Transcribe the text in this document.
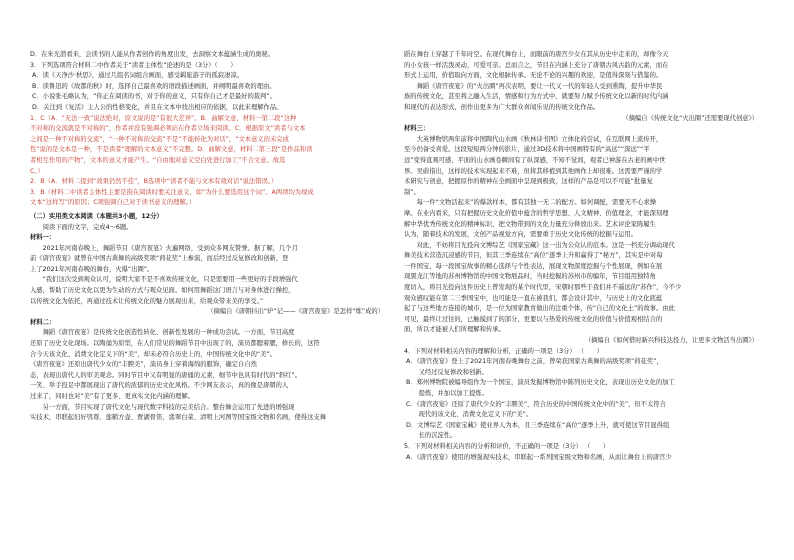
D．在朱光潜看来，会读书的人能从作者创作的角度出发，去洞察文本蕴涵生成的奥秘。

3．下列选项符合材料二中作者关于“读者主体性”论述的是（3分）（　　）

A．读《天净沙·秋思》，通过几组名词组合画面，感受羁旅游子的孤寂凄凉。

B．读鲁迅的《故都的秋》时，选择自己最喜欢的语段描述画面，并阐明最喜欢的理由。

C．小说张毛略认为，“你正在阅读的书，对于你的意义，只有你自己才是最好的裁判”。

D．关注到《复活》主人公的性格变化，并且在文本中找出相应的依据，以此来理解作品。

1．C（A．“无法一致”说法绝对，原文说的是“有很大差异”。B．曲解文意，材料一第二段“这种

不对称的交流就是不对称的”，作者并没有强调必须站在作者立场来阅读。C．根据原文“读者与文本

之间是一种不对称的交流”，“一种不对称的交流”不是“不能转化为对话”，“文本意义的未完成

性”说的是文本是一种，不是读者“理解的文本意义”不完整。D．曲解文意，材料二第三段“是作品和读

者相互作用的产物”，文本的意义才能产生。“自由地对意义空白处进行加工”不合文意。故选

C。）

2．B（A．材料二提到“效果仍然不佳”，B选项中“读者不能与文本有效对话”说法错误。）

3．B（材料二中读者主体性主要是指在阅读时要关注意义，如“为什么要选用这个词”。A两项均为现成

文本“这样写”的原因；C项强调自己对于读书意义的理解。）

（二）实用类文本阅读（本题共3小题，12分）

阅读下面的文字，完成4～6题。

材料一：

2021年河南春晚上，舞蹈节目《唐宫夜宴》火遍网络，受到众多网友赞誉。据了解，几个月

前《唐宫夜宴》就曾在中国古典舞的高级奖项“荷花奖”上参演，而后经过反复修改和创新，登

上了2021年河南春晚的舞台，火爆“出圈”。

“我们这次受到观众认可，说明大家不是不喜欢传统文化，只是需要用一些更好的手段增强代

入感，帮助了历史文化以更为生动的方式与观众见面。如何用舞蹈这门语言与对身体进行操控，

以传统文化为依托，再通过技术让传统文化的魅力展现出来，给观众带来美的享受。”

（摘编自《唐朝抖出“炉”记——《唐宫夜宴》是怎样“炼”成的）

材料二：

舞蹈《唐宫夜宴》是传统文化创造性转化、创新性发展的一种成功尝试。一方面，节目高度

还原了历史文化现场。以陶俑为原型，在人们常见的舞蹈节目中出现了的，演员都腮着腮，修长的，这符

合今天该文化、消费文化定义下的“美”，却未必符合历史上的，中国传统文化中的“美”。

《唐宫夜宴》还原出唐代少女的“丰腴美”，演员身上穿着海绵的服饰，确定自自然

态，表现出唐代人的审美观念。同时节目中又有明显的唐俑的元素，细节中也具有时代的“斜红”。

一笑、举手投足中都展现出了唐代的浓郁的历史文化风格。不少网友表示，真的像是唐朝的人

过来了，同时也对“美”有了更多、更真实文化内涵的理解。

另一方面，节目实现了唐代文化与现代数字科技的完美结合。整台舞会运用了先进的增强现

实技术，串联起妇好鸮尊、莲鹤方壶、贾湖骨笛、翡翠白菜、清明上河图等国宝级文物和名画，使得这支舞

蹈在舞台上穿越了千年时空。在现代舞台上，而眼前的唐宫少女在其从历史中走来的，却像今天

的小女孩一样活泼灵动，可爱可亲。总而言之，节目在内涵上充分了唐朝古风古韵的元素，而在

形式上运用，价值取向方面，文化根脉传承。无论不论的兴趣的欢迎，是值得深刻与借鉴的。

舞蹈《唐宫夜宴》的“火出圈”再次表明，要让一代又一代的年轻人受到熏陶，提升中华民

族的传统文化，甚至将之融入生活，情感和行为方式中，就要努力赋予传统文化以新的时代内涵

和现代的表达形式，创作出更多为广大群众喜闻乐见的传统文化作品。

（摘编自《传统文化“火出圈”还需要现代创意》）

材料三：

大英博物馆两年前将中国陶代山水画《秋林诗书图》立体化的尝试，在互联网上流传开，

至今仍备受喜爱。这段短短两分钟的影片，通过3D技术将中国画特有的“高远”“深远”“平

远”变得直观可感，平面的山水画卷瞬间有了纵深感，不知不觉间，观者已神游在古老的画中世

界。吴蔚指出，这样的技术实现起来不难，但将其移植到其他画作上却很难。这需要严谨的学

术研究与创意，把握原作的精神在全画面中呈现到极致，这样的产品是可以不可能“批量复

制”。

每一件“文物活起来”的爆款样本，都有其独一无二的配方。如何调配，需要无不心求操

摩。在业内看来，只有把握历史文化价值中蕴含的哲学思想、人文精神、价值理念，才能深刻理

解中华优秀传统文化的精神标识，把文物带到的文化力量充分释放出来。艺术评论家陈履生

认为，随着技术的发展，文创产品视觉方向，需要重于历史文化传统的挖掘与运用。

对此，不妨将目光投向文博综艺《国家宝藏》这一出为公众认的范本。这是一档充分调动现代

舞美技术营造沉浸感的节目，但其三季连续在“高位”逐季上升和赢得了“秘方”，其实是中对每

一件国宝，每一段国宝故事的精心选择与个性表达，展现文物深度挖掘与个性展现，例如在展

现黑龙江等地的苏州博物馆的中国文物展品时，当时挖掘的苏州市的编年，节目组用独特角

度切入，将目光投向这件历史上曾发现的某个时代里，宋朝时那些于我们并不遥远的“苏作”，今不少

观众感叹能在第二三季国宝中，也可能是一直在被我们，都会设计其中，与历史上的文化底蕴

起了与这些地方连接的城市，是一位为国家教育做出的注重个体，传“自己的文化土”的故事。由此

可见，最终让过往的，已触摸到了的部分，更要以与热爱的传统文化的价值与价值观相结合的

面，所以才能被人们所理解和传承。

（摘编自《如何借时新兴科技达投力，让更多文物活当出圈》）

4．下列对材料相关内容的理解和分析，正确的一项是（3分） （　　）

A．《唐宫夜宴》登上了2021年河南春晚舞台之前，曾荣获国家古典舞的高级奖项“荷花奖”，

又经过反复修改和创新。

B．郑州博物院被编导组作为一个国宝，演员发掘博物馆中陈列历史文化，表现出历史文化的加工

提炼，并加以加工提炼。

C．《唐宫夜宴》还原了唐代少女的“丰腴美”，符合历史的中国传统文化中的“美”，但不太符合

现代的该文化、消费文化定义下的“美”。

D．文博综艺《国家宝藏》使业界人为本，且三季连续在“高位”逐季上升，就可使这节目显得组

长的沉淀性。

5．下列对材料相关内容的分析和评价，不正确的一项是（3分） （　　）

A．《唐宫夜宴》使用的增强现实技术，串联起一系列国宝级文物和名画，从而让舞台上的唐宫少
